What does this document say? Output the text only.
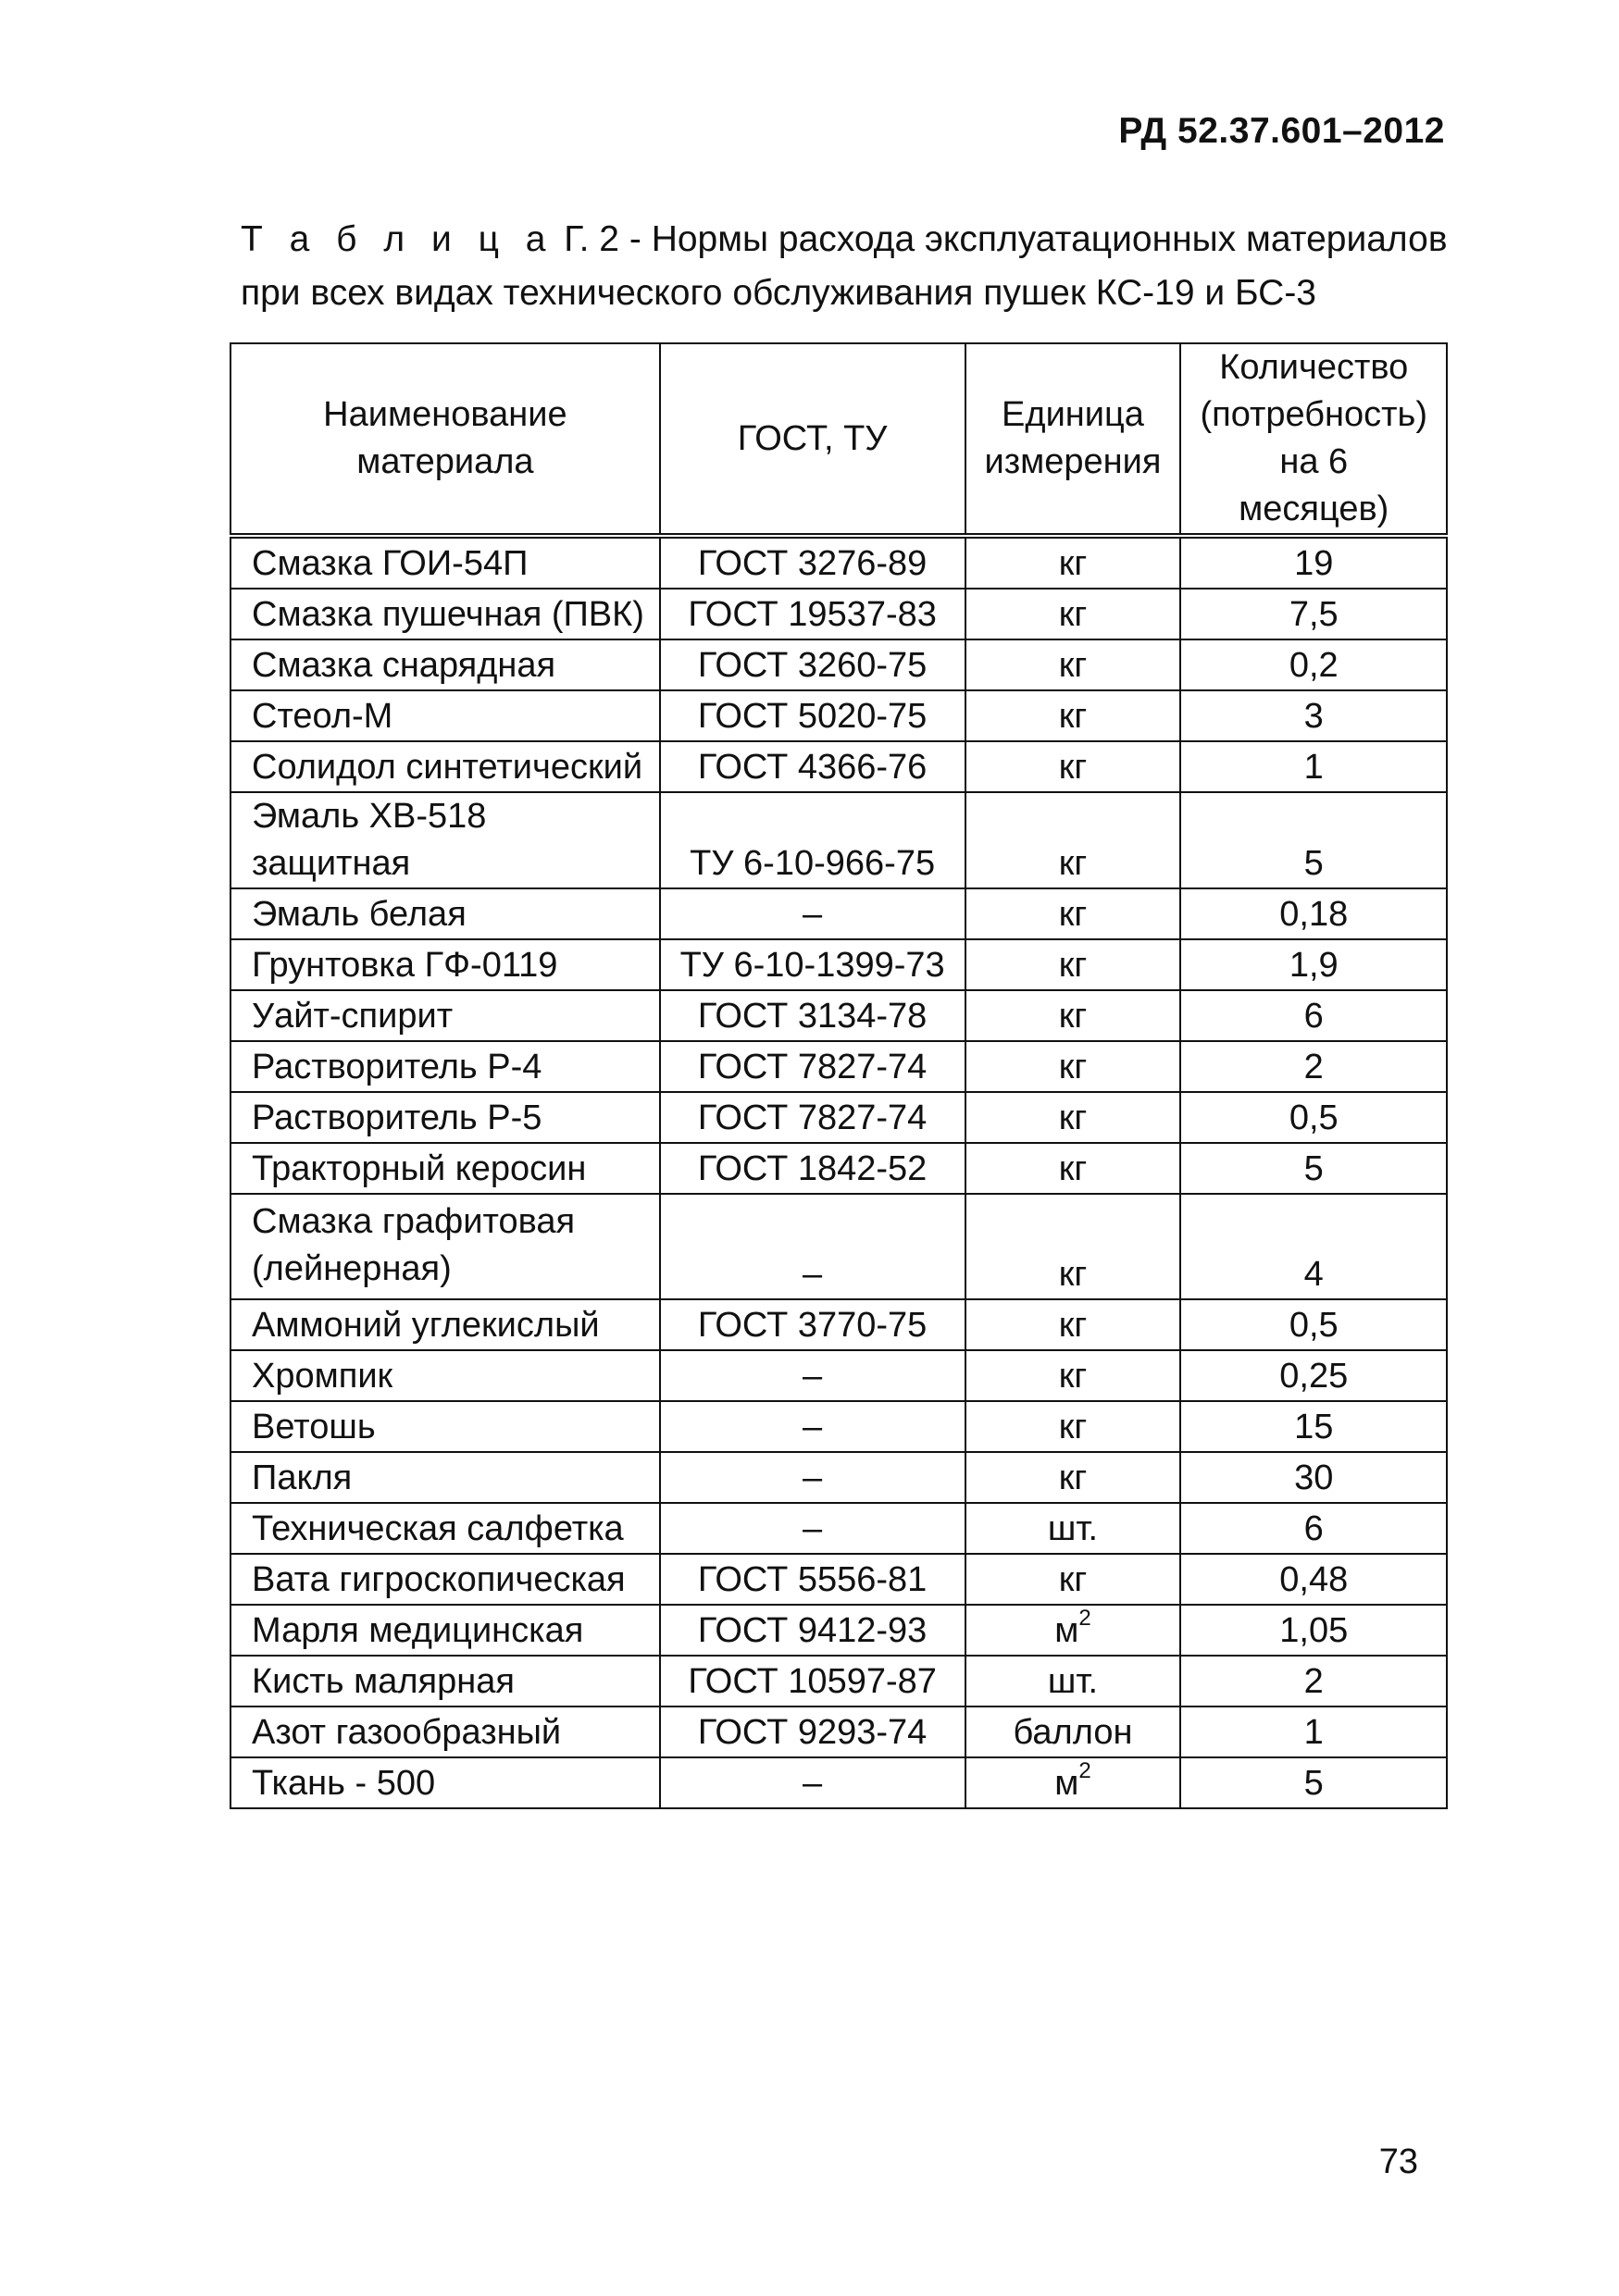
РД 52.37.601–2012
Т а б л и ц а Г. 2 - Нормы расхода эксплуатационных материалов при всех видах технического обслуживания пушек КС-19 и БС-3
Наименование материала	ГОСТ, ТУ	Единица измерения	Количество (потребность) на 6 месяцев)
Смазка ГОИ-54П	ГОСТ 3276-89	кг	19
Смазка пушечная (ПВК)	ГОСТ 19537-83	кг	7,5
Смазка снарядная	ГОСТ 3260-75	кг	0,2
Стеол-М	ГОСТ 5020-75	кг	3
Солидол синтетический	ГОСТ 4366-76	кг	1
Эмаль ХВ-518 защитная	ТУ 6-10-966-75	кг	5
Эмаль белая	–	кг	0,18
Грунтовка ГФ-0119	ТУ 6-10-1399-73	кг	1,9
Уайт-спирит	ГОСТ 3134-78	кг	6
Растворитель Р-4	ГОСТ 7827-74	кг	2
Растворитель Р-5	ГОСТ 7827-74	кг	0,5
Тракторный керосин	ГОСТ 1842-52	кг	5
Смазка графитовая (лейнерная)	–	кг	4
Аммоний углекислый	ГОСТ 3770-75	кг	0,5
Хромпик	–	кг	0,25
Ветошь	–	кг	15
Пакля	–	кг	30
Техническая салфетка	–	шт.	6
Вата гигроскопическая	ГОСТ 5556-81	кг	0,48
Марля медицинская	ГОСТ 9412-93	$м^2$	1,05
Кисть малярная	ГОСТ 10597-87	шт.	2
Азот газообразный	ГОСТ 9293-74	баллон	1
Ткань - 500	–	$м^2$	5
73
